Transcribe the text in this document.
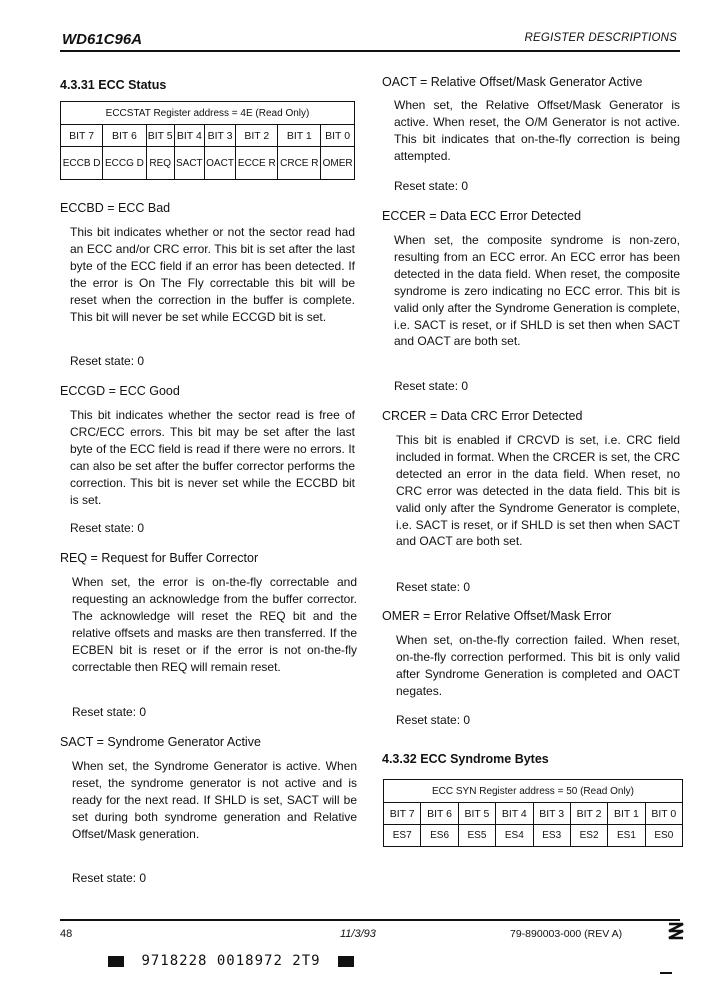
WD61C96A	REGISTER DESCRIPTIONS
4.3.31 ECC Status
ECCSTAT Register address = 4E (Read Only)							
BIT 7	BIT 6	BIT 5	BIT 4	BIT 3	BIT 2	BIT 1	BIT 0
ECCB D	ECCG D	REQ	SACT	OACT	ECCE R	CRCE R	OMER
ECCBD = ECC Bad
This bit indicates whether or not the sector read had an ECC and/or CRC error. This bit is set after the last byte of the ECC field if an error has been detected. If the error is On The Fly correctable this bit will be reset when the correction in the buffer is complete. This bit will never be set while ECCGD bit is set.
Reset state: 0
ECCGD = ECC Good
This bit indicates whether the sector read is free of CRC/ECC errors. This bit may be set after the last byte of the ECC field is read if there were no errors. It can also be set after the buffer corrector performs the correction. This bit is never set while the ECCBD bit is set.
Reset state: 0
REQ = Request for Buffer Corrector
When set, the error is on-the-fly correctable and requesting an acknowledge from the buffer corrector. The acknowledge will reset the REQ bit and the relative offsets and masks are then transferred. If the ECBEN bit is reset or if the error is not on-the-fly correctable then REQ will remain reset.
Reset state: 0
SACT = Syndrome Generator Active
When set, the Syndrome Generator is active. When reset, the syndrome generator is not active and is ready for the next read. If SHLD is set, SACT will be set during both syndrome generation and Relative Offset/Mask generation.
Reset state: 0
OACT = Relative Offset/Mask Generator Active
When set, the Relative Offset/Mask Generator is active. When reset, the O/M Generator is not active. This bit indicates that on-the-fly correction is being attempted.
Reset state: 0
ECCER = Data ECC Error Detected
When set, the composite syndrome is non-zero, resulting from an ECC error. An ECC error has been detected in the data field. When reset, the composite syndrome is zero indicating no ECC error. This bit is valid only after the Syndrome Generation is complete, i.e. SACT is reset, or if SHLD is set then when SACT and OACT are both set.
Reset state: 0
CRCER = Data CRC Error Detected
This bit is enabled if CRCVD is set, i.e. CRC field included in format. When the CRCER is set, the CRC detected an error in the data field. When reset, no CRC error was detected in the data field. This bit is valid only after the Syndrome Generator is complete, i.e. SACT is reset, or if SHLD is set then when SACT and OACT are both set.
Reset state: 0
OMER = Error Relative Offset/Mask Error
When set, on-the-fly correction failed. When reset, on-the-fly correction performed. This bit is only valid after Syndrome Generation is completed and OACT negates.
Reset state: 0
4.3.32 ECC Syndrome Bytes
ECC SYN Register address = 50 (Read Only)							
BIT 7	BIT 6	BIT 5	BIT 4	BIT 3	BIT 2	BIT 1	BIT 0
ES7	ES6	ES5	ES4	ES3	ES2	ES1	ES0
48	11/3/93	79-890003-000 (REV A)
9718228 0018972 2T9
